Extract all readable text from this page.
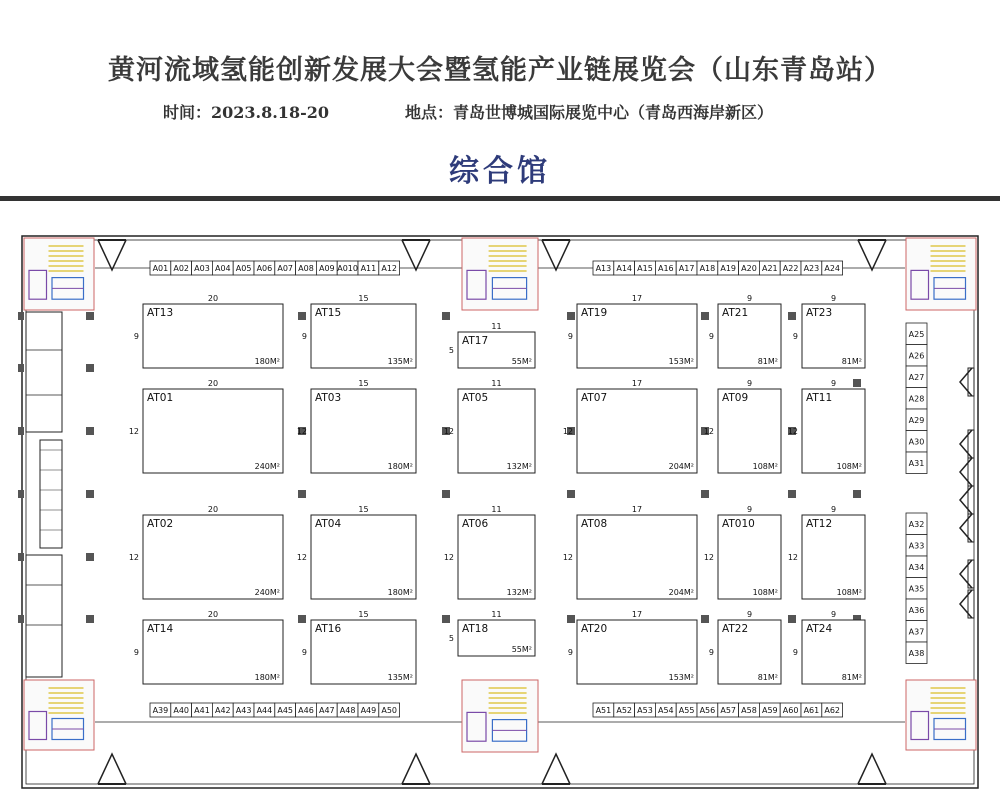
黄河流域氢能创新发展大会暨氢能产业链展览会（山东青岛站）
时间：2023.8.18-20	地点：青岛世博城国际展览中心（青岛西海岸新区）
综合馆
A01 A02 A03 A04 A05 A06 A07 A08 A09 A010 A11 A12	A13 A14 A15 A16 A17 A18 A19 A20 A21 A22 A23 A24
A39 A40 A41 A42 A43 A44 A45 A46 A47 A48 A49 A50	A51 A52 A53 A54 A55 A56 A57 A58 A59 A60 A61 A62
A25
A26
A27
A28
A29
A30
A31
A32
A33
A34
A35
A36
A37
A38
AT13
180M²
20
9
AT01
240M²
20
12
AT02
240M²
20
12
AT14
180M²
20
9
AT15
135M²
15
9
AT03
180M²
15
12
AT04
180M²
15
12
AT16
135M²
15
9
AT17
55M²
11
5
AT05
132M²
11
12
AT06
132M²
11
12
AT18
55M²
11
5
AT19
153M²
17
9
AT07
204M²
17
12
AT08
204M²
17
12
AT20
153M²
17
9
AT21
81M²
9
9
AT09
108M²
9
12
AT010
108M²
9
12
AT22
81M²
9
9
AT23
81M²
9
9
AT11
108M²
9
12
AT12
108M²
9
12
AT24
81M²
9
9
